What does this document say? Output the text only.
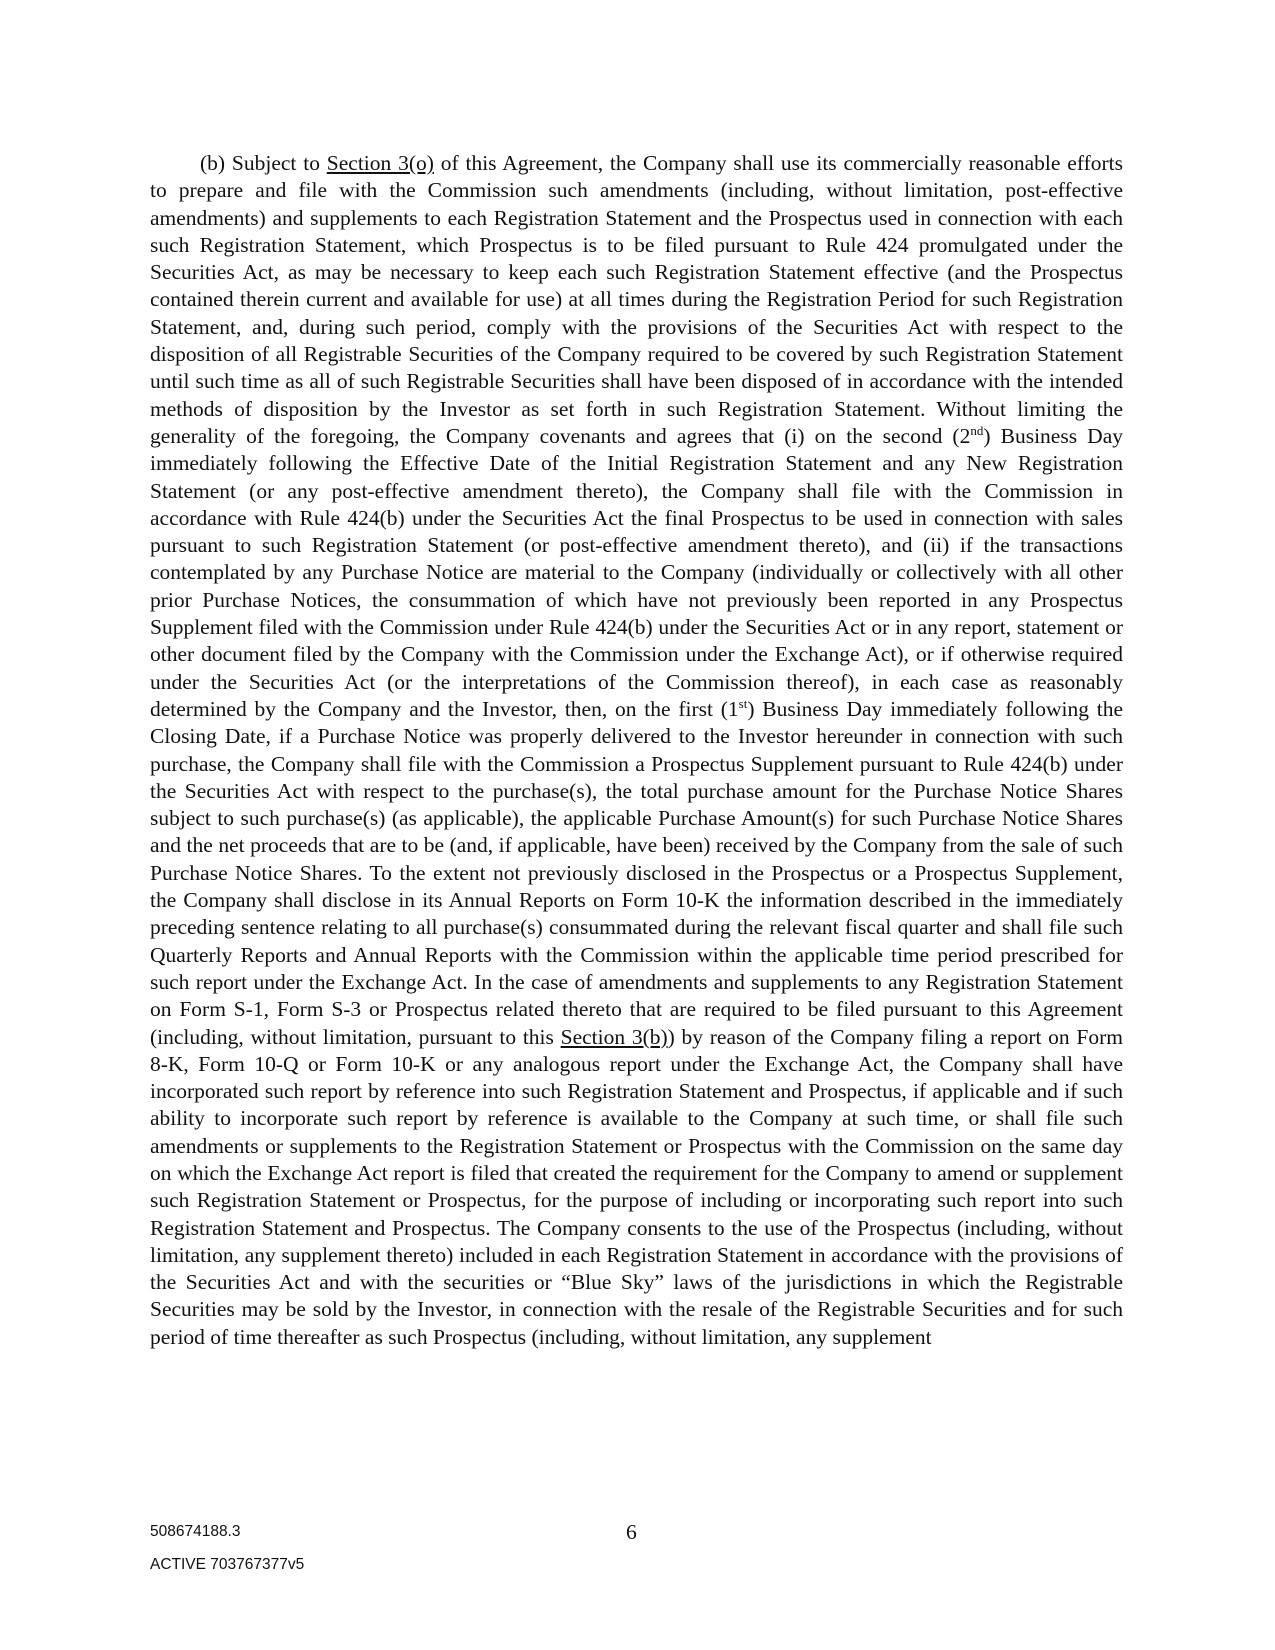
(b) Subject to Section 3(o) of this Agreement, the Company shall use its commercially reasonable efforts to prepare and file with the Commission such amendments (including, without limitation, post-effective amendments) and supplements to each Registration Statement and the Prospectus used in connection with each such Registration Statement, which Prospectus is to be filed pursuant to Rule 424 promulgated under the Securities Act, as may be necessary to keep each such Registration Statement effective (and the Prospectus contained therein current and available for use) at all times during the Registration Period for such Registration Statement, and, during such period, comply with the provisions of the Securities Act with respect to the disposition of all Registrable Securities of the Company required to be covered by such Registration Statement until such time as all of such Registrable Securities shall have been disposed of in accordance with the intended methods of disposition by the Investor as set forth in such Registration Statement. Without limiting the generality of the foregoing, the Company covenants and agrees that (i) on the second (2nd) Business Day immediately following the Effective Date of the Initial Registration Statement and any New Registration Statement (or any post-effective amendment thereto), the Company shall file with the Commission in accordance with Rule 424(b) under the Securities Act the final Prospectus to be used in connection with sales pursuant to such Registration Statement (or post-effective amendment thereto), and (ii) if the transactions contemplated by any Purchase Notice are material to the Company (individually or collectively with all other prior Purchase Notices, the consummation of which have not previously been reported in any Prospectus Supplement filed with the Commission under Rule 424(b) under the Securities Act or in any report, statement or other document filed by the Company with the Commission under the Exchange Act), or if otherwise required under the Securities Act (or the interpretations of the Commission thereof), in each case as reasonably determined by the Company and the Investor, then, on the first (1st) Business Day immediately following the Closing Date, if a Purchase Notice was properly delivered to the Investor hereunder in connection with such purchase, the Company shall file with the Commission a Prospectus Supplement pursuant to Rule 424(b) under the Securities Act with respect to the purchase(s), the total purchase amount for the Purchase Notice Shares subject to such purchase(s) (as applicable), the applicable Purchase Amount(s) for such Purchase Notice Shares and the net proceeds that are to be (and, if applicable, have been) received by the Company from the sale of such Purchase Notice Shares. To the extent not previously disclosed in the Prospectus or a Prospectus Supplement, the Company shall disclose in its Annual Reports on Form 10-K the information described in the immediately preceding sentence relating to all purchase(s) consummated during the relevant fiscal quarter and shall file such Quarterly Reports and Annual Reports with the Commission within the applicable time period prescribed for such report under the Exchange Act. In the case of amendments and supplements to any Registration Statement on Form S-1, Form S-3 or Prospectus related thereto that are required to be filed pursuant to this Agreement (including, without limitation, pursuant to this Section 3(b)) by reason of the Company filing a report on Form 8-K, Form 10-Q or Form 10-K or any analogous report under the Exchange Act, the Company shall have incorporated such report by reference into such Registration Statement and Prospectus, if applicable and if such ability to incorporate such report by reference is available to the Company at such time, or shall file such amendments or supplements to the Registration Statement or Prospectus with the Commission on the same day on which the Exchange Act report is filed that created the requirement for the Company to amend or supplement such Registration Statement or Prospectus, for the purpose of including or incorporating such report into such Registration Statement and Prospectus. The Company consents to the use of the Prospectus (including, without limitation, any supplement thereto) included in each Registration Statement in accordance with the provisions of the Securities Act and with the securities or “Blue Sky” laws of the jurisdictions in which the Registrable Securities may be sold by the Investor, in connection with the resale of the Registrable Securities and for such period of time thereafter as such Prospectus (including, without limitation, any supplement

508674188.3	6

ACTIVE 703767377v5
